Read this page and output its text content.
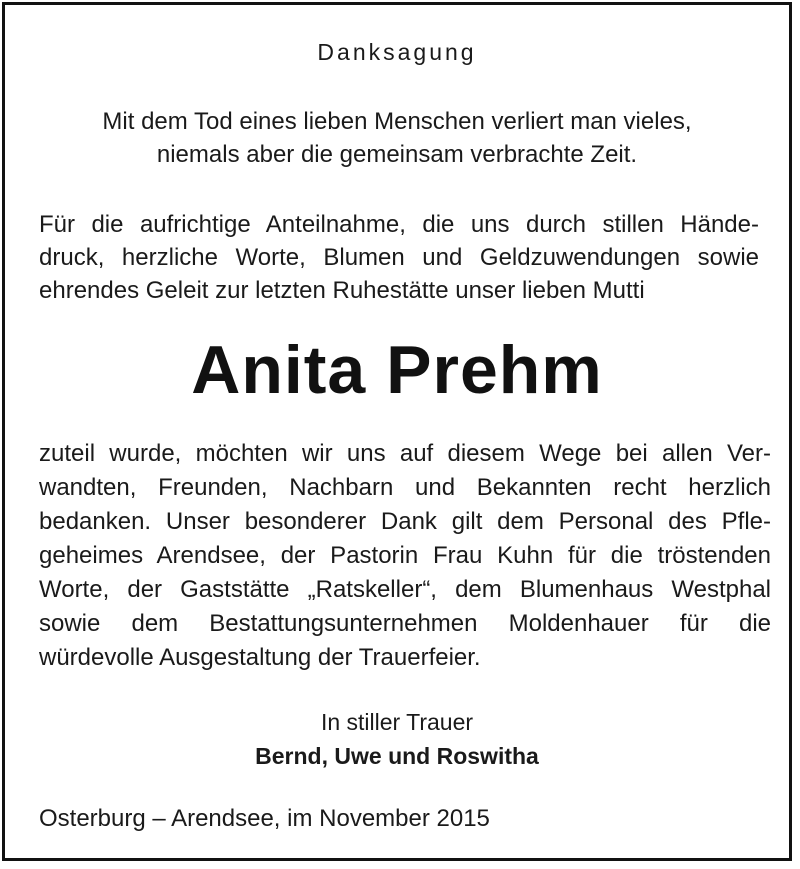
Danksagung
Mit dem Tod eines lieben Menschen verliert man vieles,
niemals aber die gemeinsam verbrachte Zeit.
Für die aufrichtige Anteilnahme, die uns durch stillen Hände-
druck, herzliche Worte, Blumen und Geldzuwendungen sowie
ehrendes Geleit zur letzten Ruhestätte unser lieben Mutti
Anita Prehm
zuteil wurde, möchten wir uns auf diesem Wege bei allen Ver-
wandten, Freunden, Nachbarn und Bekannten recht herzlich
bedanken. Unser besonderer Dank gilt dem Personal des Pfle-
geheimes Arendsee, der Pastorin Frau Kuhn für die tröstenden
Worte, der Gaststätte „Ratskeller“, dem Blumenhaus Westphal
sowie dem Bestattungsunternehmen Moldenhauer für die
würdevolle Ausgestaltung der Trauerfeier.
In stiller Trauer
Bernd, Uwe und Roswitha
Osterburg – Arendsee, im November 2015
